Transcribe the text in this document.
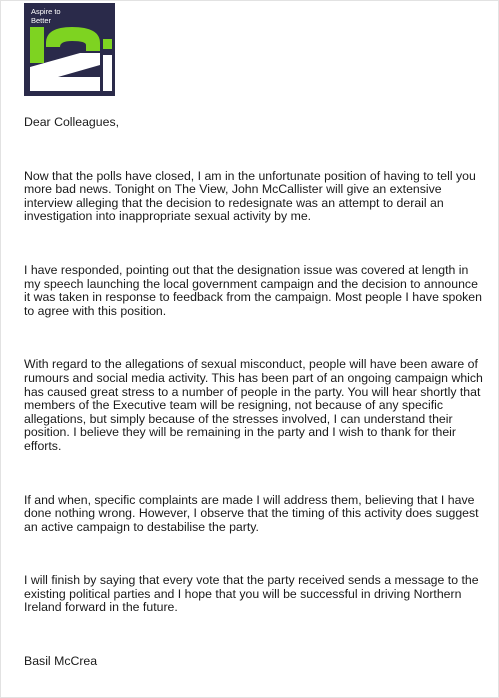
Aspire to
Better

Dear Colleagues,

Now that the polls have closed, I am in the unfortunate position of having to tell you more bad news. Tonight on The View, John McCallister will give an extensive interview alleging that the decision to redesignate was an attempt to derail an investigation into inappropriate sexual activity by me.

I have responded, pointing out that the designation issue was covered at length in my speech launching the local government campaign and the decision to announce it was taken in response to feedback from the campaign. Most people I have spoken to agree with this position.

With regard to the allegations of sexual misconduct, people will have been aware of rumours and social media activity. This has been part of an ongoing campaign which has caused great stress to a number of people in the party. You will hear shortly that members of the Executive team will be resigning, not because of any specific allegations, but simply because of the stresses involved, I can understand their position. I believe they will be remaining in the party and I wish to thank for their efforts.

If and when, specific complaints are made I will address them, believing that I have done nothing wrong. However, I observe that the timing of this activity does suggest an active campaign to destabilise the party.

I will finish by saying that every vote that the party received sends a message to the existing political parties and I hope that you will be successful in driving Northern Ireland forward in the future.

Basil McCrea
